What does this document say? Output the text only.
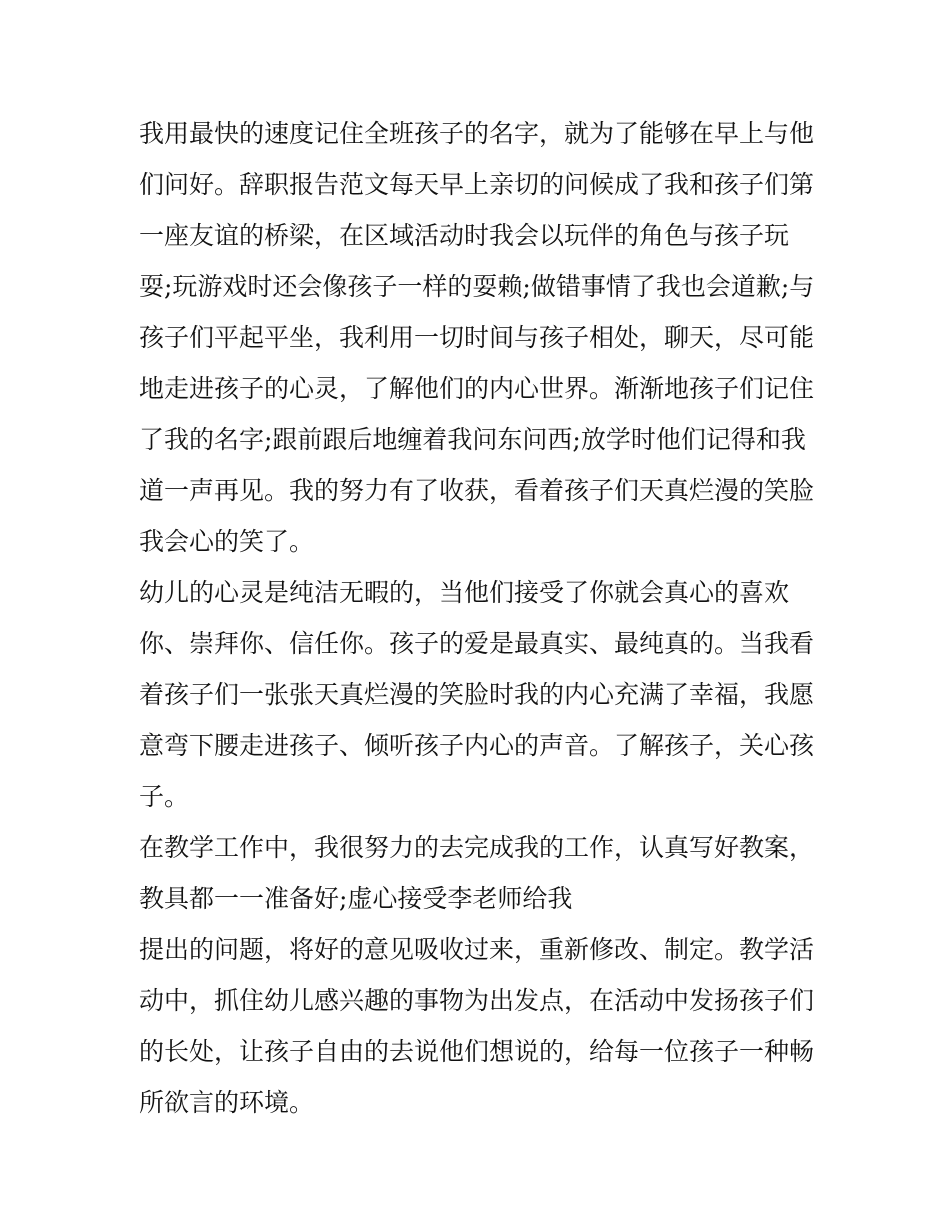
我用最快的速度记住全班孩子的名字，就为了能够在早上与他
们问好。辞职报告范文每天早上亲切的问候成了我和孩子们第
一座友谊的桥梁，在区域活动时我会以玩伴的角色与孩子玩
耍;玩游戏时还会像孩子一样的耍赖;做错事情了我也会道歉;与
孩子们平起平坐，我利用一切时间与孩子相处，聊天，尽可能
地走进孩子的心灵，了解他们的内心世界。渐渐地孩子们记住
了我的名字;跟前跟后地缠着我问东问西;放学时他们记得和我
道一声再见。我的努力有了收获，看着孩子们天真烂漫的笑脸
我会心的笑了。
幼儿的心灵是纯洁无暇的，当他们接受了你就会真心的喜欢
你、崇拜你、信任你。孩子的爱是最真实、最纯真的。当我看
着孩子们一张张天真烂漫的笑脸时我的内心充满了幸福，我愿
意弯下腰走进孩子、倾听孩子内心的声音。了解孩子，关心孩
子。
在教学工作中，我很努力的去完成我的工作，认真写好教案，
教具都一一准备好;虚心接受李老师给我
提出的问题，将好的意见吸收过来，重新修改、制定。教学活
动中，抓住幼儿感兴趣的事物为出发点，在活动中发扬孩子们
的长处，让孩子自由的去说他们想说的，给每一位孩子一种畅
所欲言的环境。
